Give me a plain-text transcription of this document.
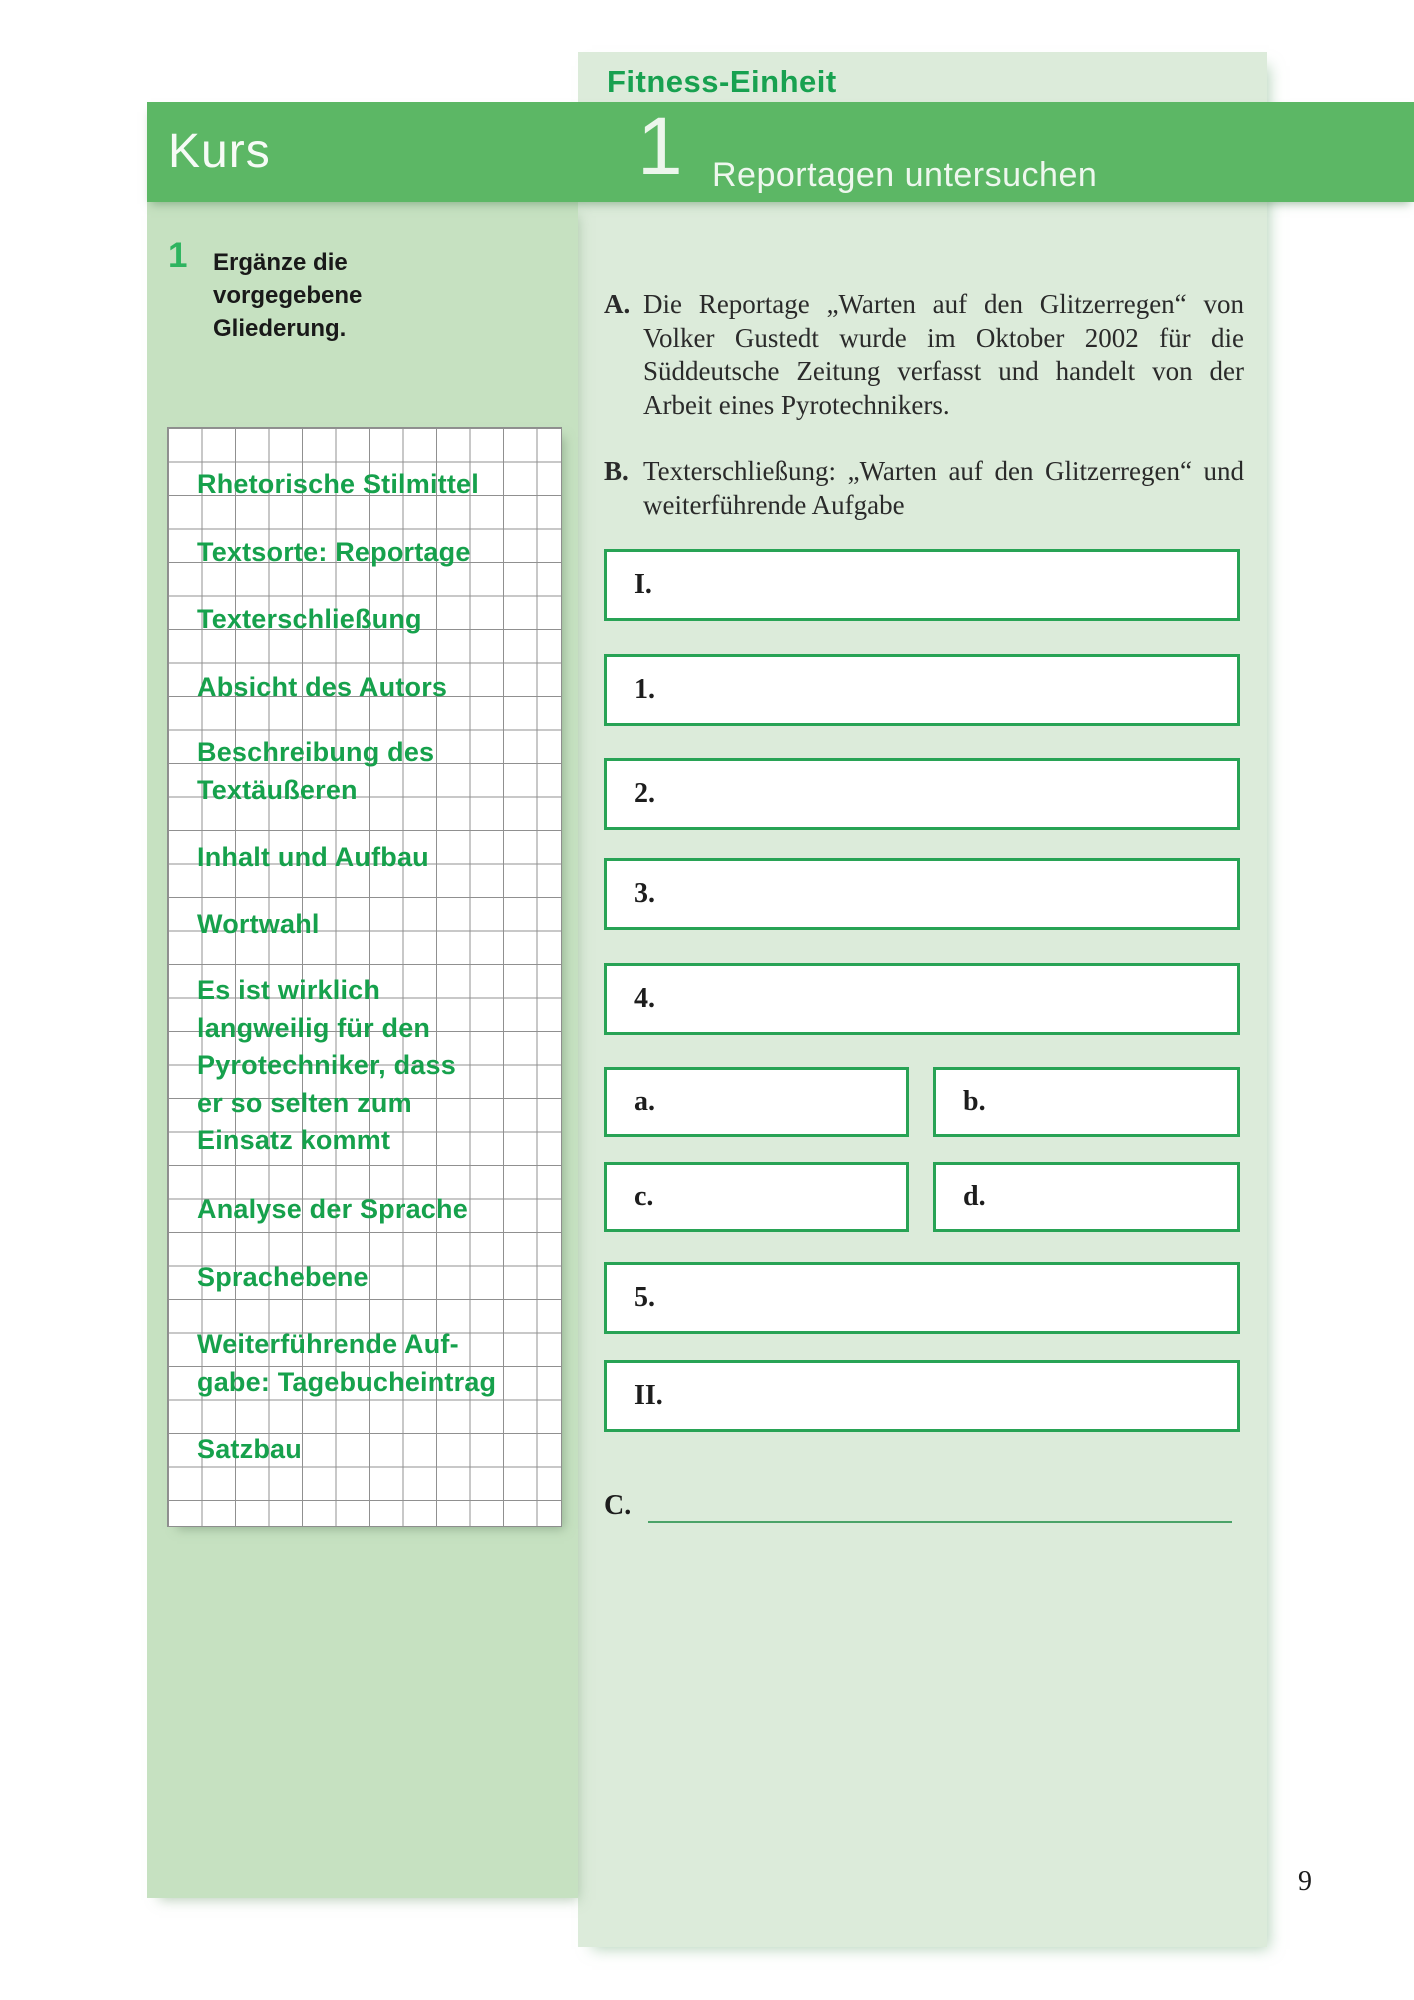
Fitness-Einheit
Kurs	1 Reportagen untersuchen
1 Ergänze die vorgegebene Gliederung.
Rhetorische Stilmittel
Textsorte: Reportage
Texterschließung
Absicht des Autors
Beschreibung des
Textäußeren
Inhalt und Aufbau
Wortwahl
Es ist wirklich
langweilig für den
Pyrotechniker, dass
er so selten zum
Einsatz kommt
Analyse der Sprache
Sprachebene
Weiterführende Auf-
gabe: Tagebucheintrag
Satzbau
A. Die Reportage „Warten auf den Glitzerregen“ von Volker Gustedt wurde im Oktober 2002 für die Süddeutsche Zeitung verfasst und handelt von der Arbeit eines Pyrotechnikers.
B. Texterschließung: „Warten auf den Glitzerregen“ und weiterführende Aufgabe
I.
1.
2.
3.
4.
a.	b.
c.	d.
5.
II.
C.
9
